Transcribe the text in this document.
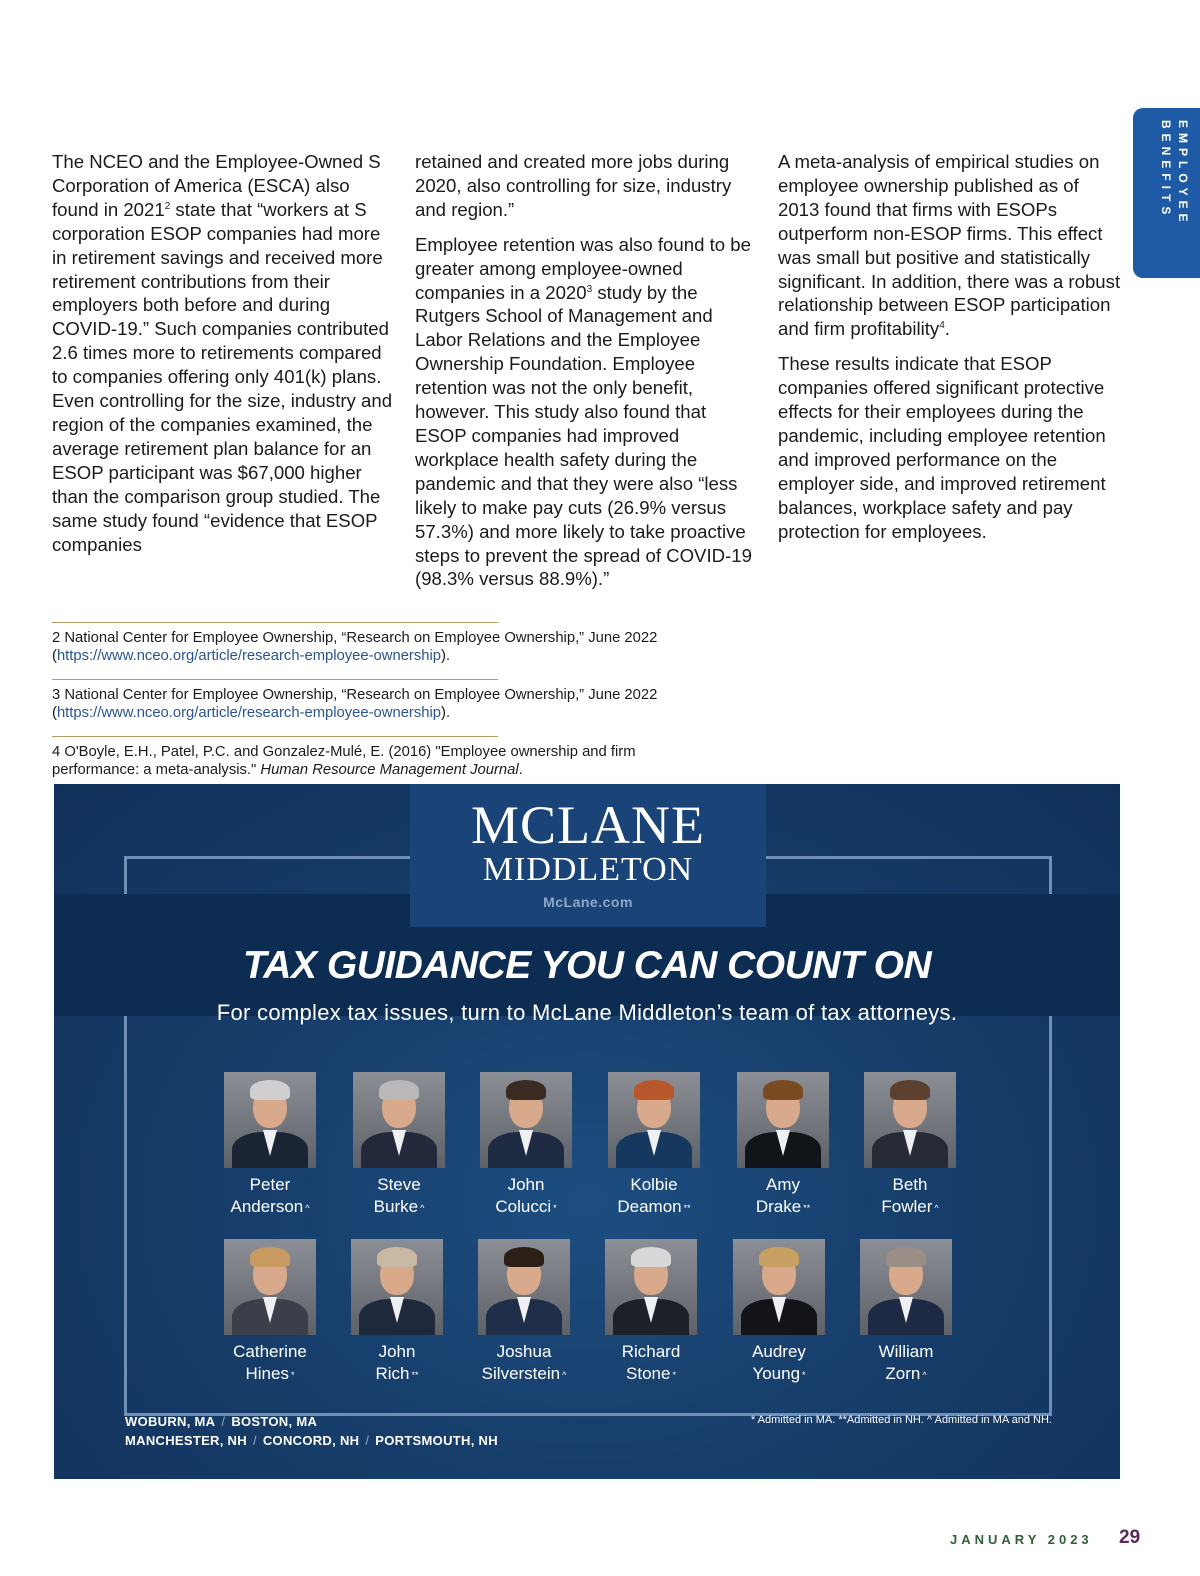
EMPLOYEE
BENEFITS

The NCEO and the Employee-Owned S Corporation of America (ESCA) also found in 2021$^2$ state that “workers at S corporation ESOP companies had more in retirement savings and received more retirement contributions from their employers both before and during COVID-19.” Such companies contributed 2.6 times more to retirements compared to companies offering only 401(k) plans. Even controlling for the size, industry and region of the companies examined, the average retirement plan balance for an ESOP participant was $67,000 higher than the comparison group studied. The same study found “evidence that ESOP companies

retained and created more jobs during 2020, also controlling for size, industry and region.”

Employee retention was also found to be greater among employee-owned companies in a 2020$^3$ study by the Rutgers School of Management and Labor Relations and the Employee Ownership Foundation. Employee retention was not the only benefit, however. This study also found that ESOP companies had improved workplace health safety during the pandemic and that they were also “less likely to make pay cuts (26.9% versus 57.3%) and more likely to take proactive steps to prevent the spread of COVID-19 (98.3% versus 88.9%).”

A meta-analysis of empirical studies on employee ownership published as of 2013 found that firms with ESOPs outperform non-ESOP firms. This effect was small but positive and statistically significant. In addition, there was a robust relationship between ESOP participation and firm profitability$^4$.

These results indicate that ESOP companies offered significant protective effects for their employees during the pandemic, including employee retention and improved performance on the employer side, and improved retirement balances, workplace safety and pay protection for employees.

2 National Center for Employee Ownership, “Research on Employee Ownership,” June 2022 (https://www.nceo.org/article/research-employee-ownership).
3 National Center for Employee Ownership, “Research on Employee Ownership,” June 2022 (https://www.nceo.org/article/research-employee-ownership).
4 O'Boyle, E.H., Patel, P.C. and Gonzalez-Mulé, E. (2016) "Employee ownership and firm performance: a meta-analysis." Human Resource Management Journal.
MCLANE
MIDDLETON
McLane.com
TAX GUIDANCE YOU CAN COUNT ON
For complex tax issues, turn to McLane Middleton’s team of tax attorneys.
Peter
Anderson ^
Steve
Burke ^
John
Colucci *
Kolbie
Deamon **
Amy
Drake **
Beth
Fowler ^
Catherine
Hines *
John
Rich **
Joshua
Silverstein ^
Richard
Stone *
Audrey
Young *
William
Zorn ^
WOBURN, MA / BOSTON, MA
MANCHESTER, NH / CONCORD, NH / PORTSMOUTH, NH
* Admitted in MA. **Admitted in NH. ^ Admitted in MA and NH.
JANUARY 2023 29
